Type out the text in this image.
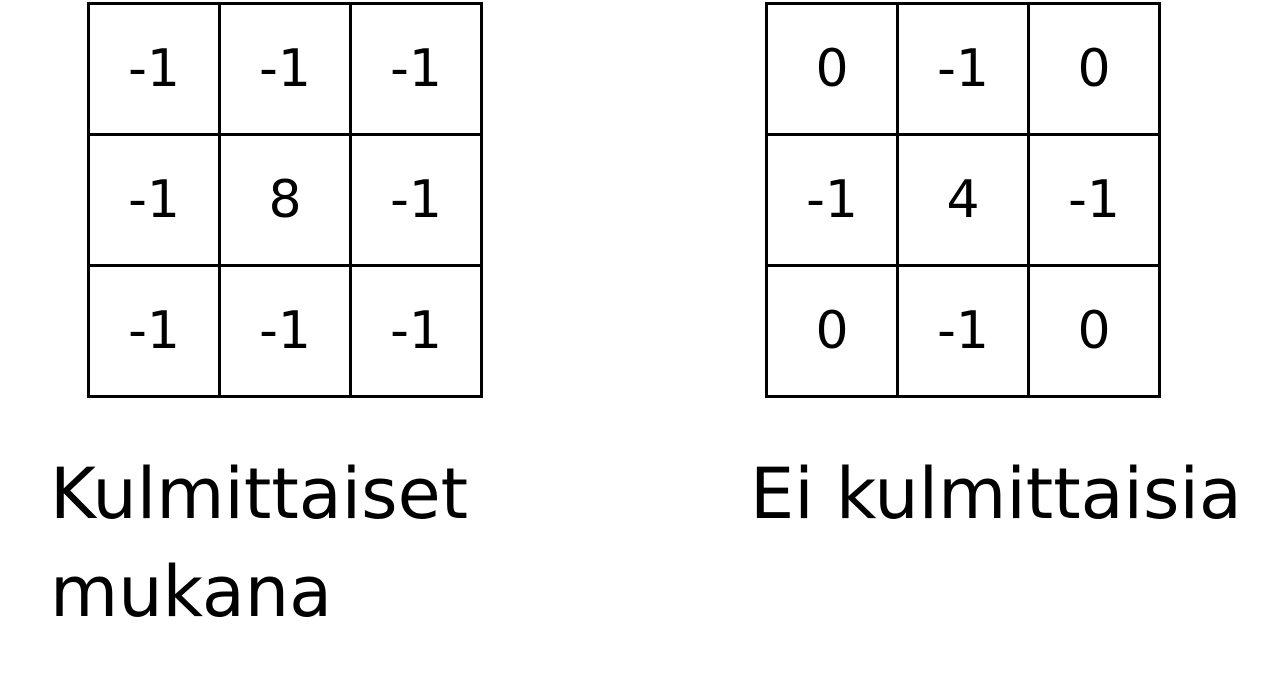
-1	-1	-1
-1	8	-1
-1	-1	-1
0	-1	0
-1	4	-1
0	-1	0

Kulmittaiset mukana

Ei kulmittaisia
